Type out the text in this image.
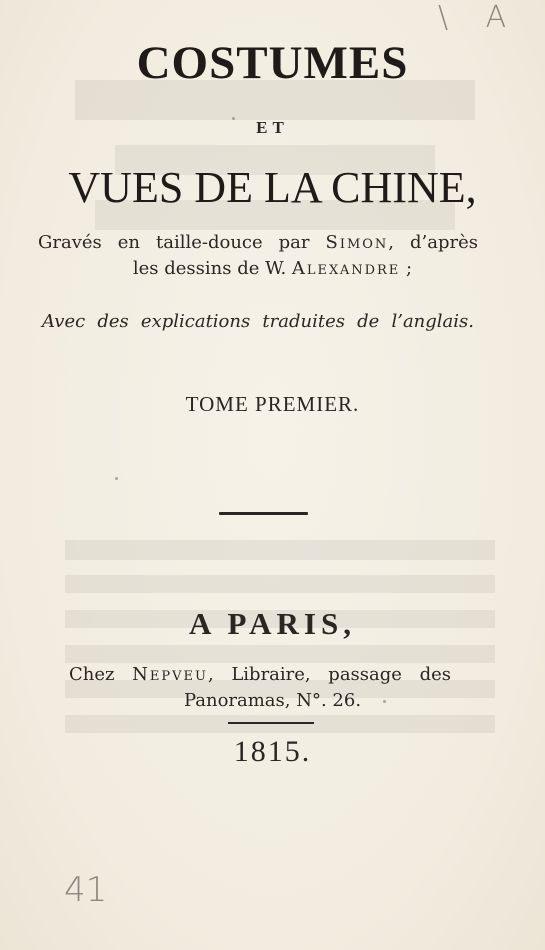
\ A
COSTUMES
ET
VUES DE LA CHINE,
Gravés en taille-douce par Simon, d’après
les dessins de W. Alexandre ;
Avec des explications traduites de l’anglais.
TOME PREMIER.
A PARIS,
Chez Nepveu, Libraire, passage des
Panoramas, N°. 26.
1815.
41
